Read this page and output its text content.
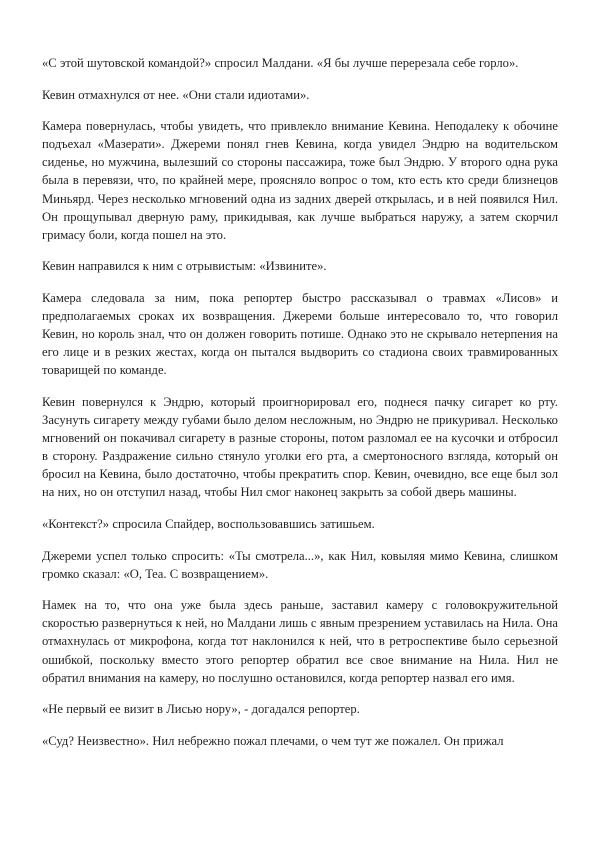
«С этой шутовской командой?» спросил Малдани. «Я бы лучше перерезала себе горло».

Кевин отмахнулся от нее. «Они стали идиотами».

Камера повернулась, чтобы увидеть, что привлекло внимание Кевина. Неподалеку к обочине подъехал «Мазерати». Джереми понял гнев Кевина, когда увидел Эндрю на водительском сиденье, но мужчина, вылезший со стороны пассажира, тоже был Эндрю. У второго одна рука была в перевязи, что, по крайней мере, проясняло вопрос о том, кто есть кто среди близнецов Миньярд. Через несколько мгновений одна из задних дверей открылась, и в ней появился Нил. Он прощупывал дверную раму, прикидывая, как лучше выбраться наружу, а затем скорчил гримасу боли, когда пошел на это.

Кевин направился к ним с отрывистым: «Извините».

Камера следовала за ним, пока репортер быстро рассказывал о травмах «Лисов» и предполагаемых сроках их возвращения. Джереми больше интересовало то, что говорил Кевин, но король знал, что он должен говорить потише. Однако это не скрывало нетерпения на его лице и в резких жестах, когда он пытался выдворить со стадиона своих травмированных товарищей по команде.

Кевин повернулся к Эндрю, который проигнорировал его, поднеся пачку сигарет ко рту. Засунуть сигарету между губами было делом несложным, но Эндрю не прикуривал. Несколько мгновений он покачивал сигарету в разные стороны, потом разломал ее на кусочки и отбросил в сторону. Раздражение сильно стянуло уголки его рта, а смертоносного взгляда, который он бросил на Кевина, было достаточно, чтобы прекратить спор. Кевин, очевидно, все еще был зол на них, но он отступил назад, чтобы Нил смог наконец закрыть за собой дверь машины.

«Контекст?» спросила Спайдер, воспользовавшись затишьем.

Джереми успел только спросить: «Ты смотрела...», как Нил, ковыляя мимо Кевина, слишком громко сказал: «О, Tea. С возвращением».

Намек на то, что она уже была здесь раньше, заставил камеру с головокружительной скоростью развернуться к ней, но Малдани лишь с явным презрением уставилась на Нила. Она отмахнулась от микрофона, когда тот наклонился к ней, что в ретроспективе было серьезной ошибкой, поскольку вместо этого репортер обратил все свое внимание на Нила. Нил не обратил внимания на камеру, но послушно остановился, когда репортер назвал его имя.

«Не первый ее визит в Лисью нору», - догадался репортер.

«Суд? Неизвестно». Нил небрежно пожал плечами, о чем тут же пожалел. Он прижал
